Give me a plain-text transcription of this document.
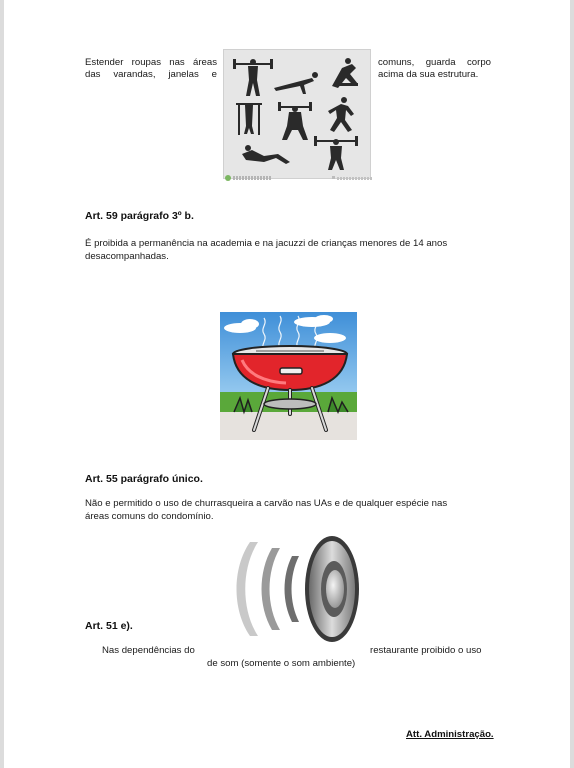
Estender roupas nas áreas
das varandas, janelas e
comuns, guarda corpo
acima da sua estrutura.
Art. 59 parágrafo 3º b.
É proibida a permanência na academia e na jacuzzi de crianças menores de 14 anos
desacompanhadas.
Art. 55 parágrafo único.
Não e permitido o uso de churrasqueira a carvão nas UAs e de qualquer espécie nas
áreas comuns do condomínio.
Art. 51 e).
Nas dependências do	restaurante proibido o uso
de som (somente o som ambiente)
Att. Administração.
